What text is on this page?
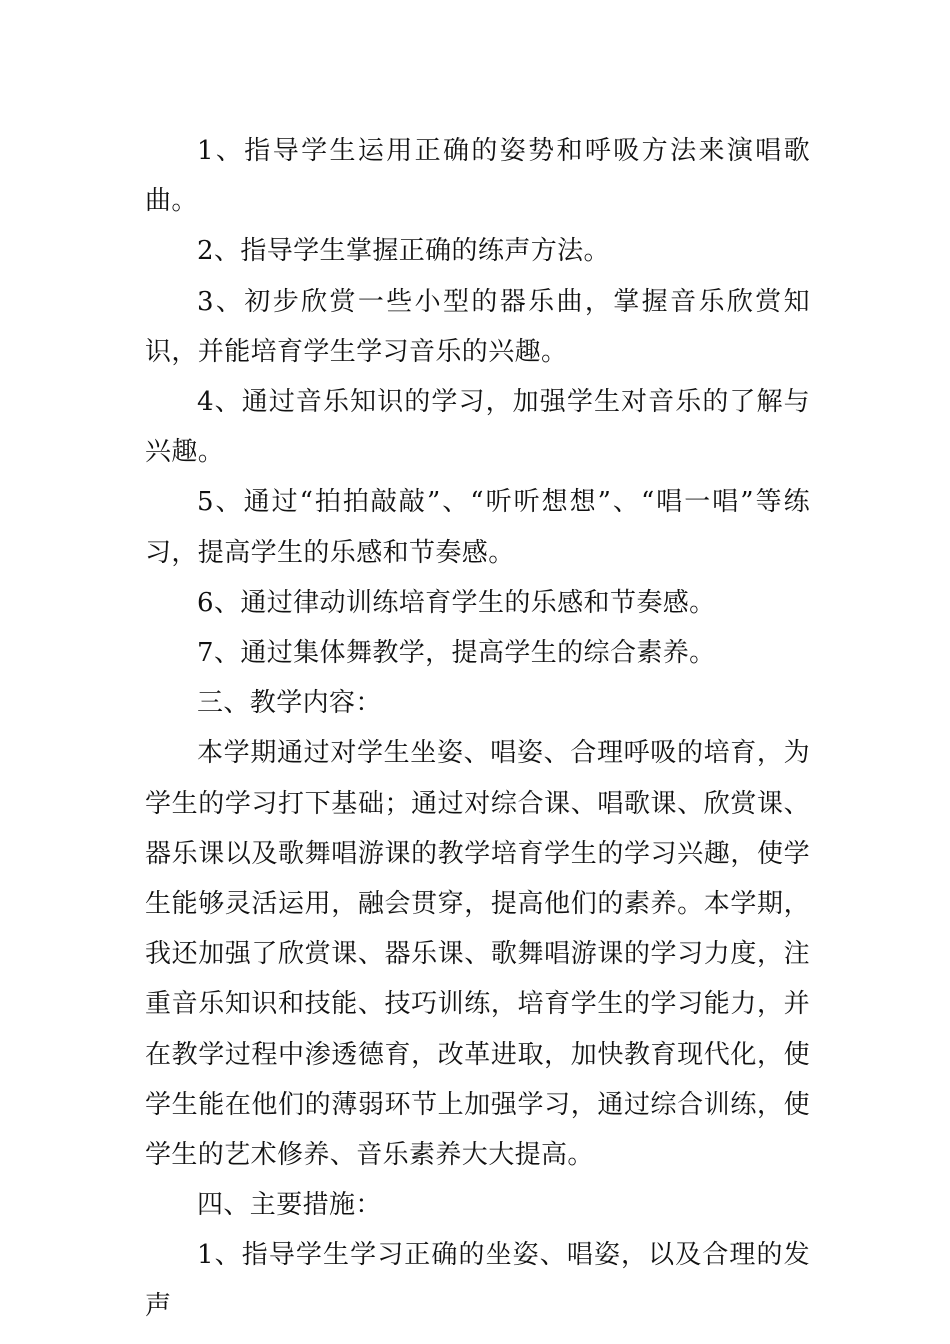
1、指导学生运用正确的姿势和呼吸方法来演唱歌曲。

2、指导学生掌握正确的练声方法。

3、初步欣赏一些小型的器乐曲，掌握音乐欣赏知识，并能培育学生学习音乐的兴趣。

4、通过音乐知识的学习，加强学生对音乐的了解与兴趣。

5、通过“拍拍敲敲”、“听听想想”、“唱一唱”等练习，提高学生的乐感和节奏感。

6、通过律动训练培育学生的乐感和节奏感。

7、通过集体舞教学，提高学生的综合素养。

三、教学内容：

本学期通过对学生坐姿、唱姿、合理呼吸的培育，为学生的学习打下基础；通过对综合课、唱歌课、欣赏课、器乐课以及歌舞唱游课的教学培育学生的学习兴趣，使学生能够灵活运用，融会贯穿，提高他们的素养。本学期，我还加强了欣赏课、器乐课、歌舞唱游课的学习力度，注重音乐知识和技能、技巧训练，培育学生的学习能力，并在教学过程中渗透德育，改革进取，加快教育现代化，使学生能在他们的薄弱环节上加强学习，通过综合训练，使学生的艺术修养、音乐素养大大提高。

四、主要措施：

1、指导学生学习正确的坐姿、唱姿，以及合理的发声
